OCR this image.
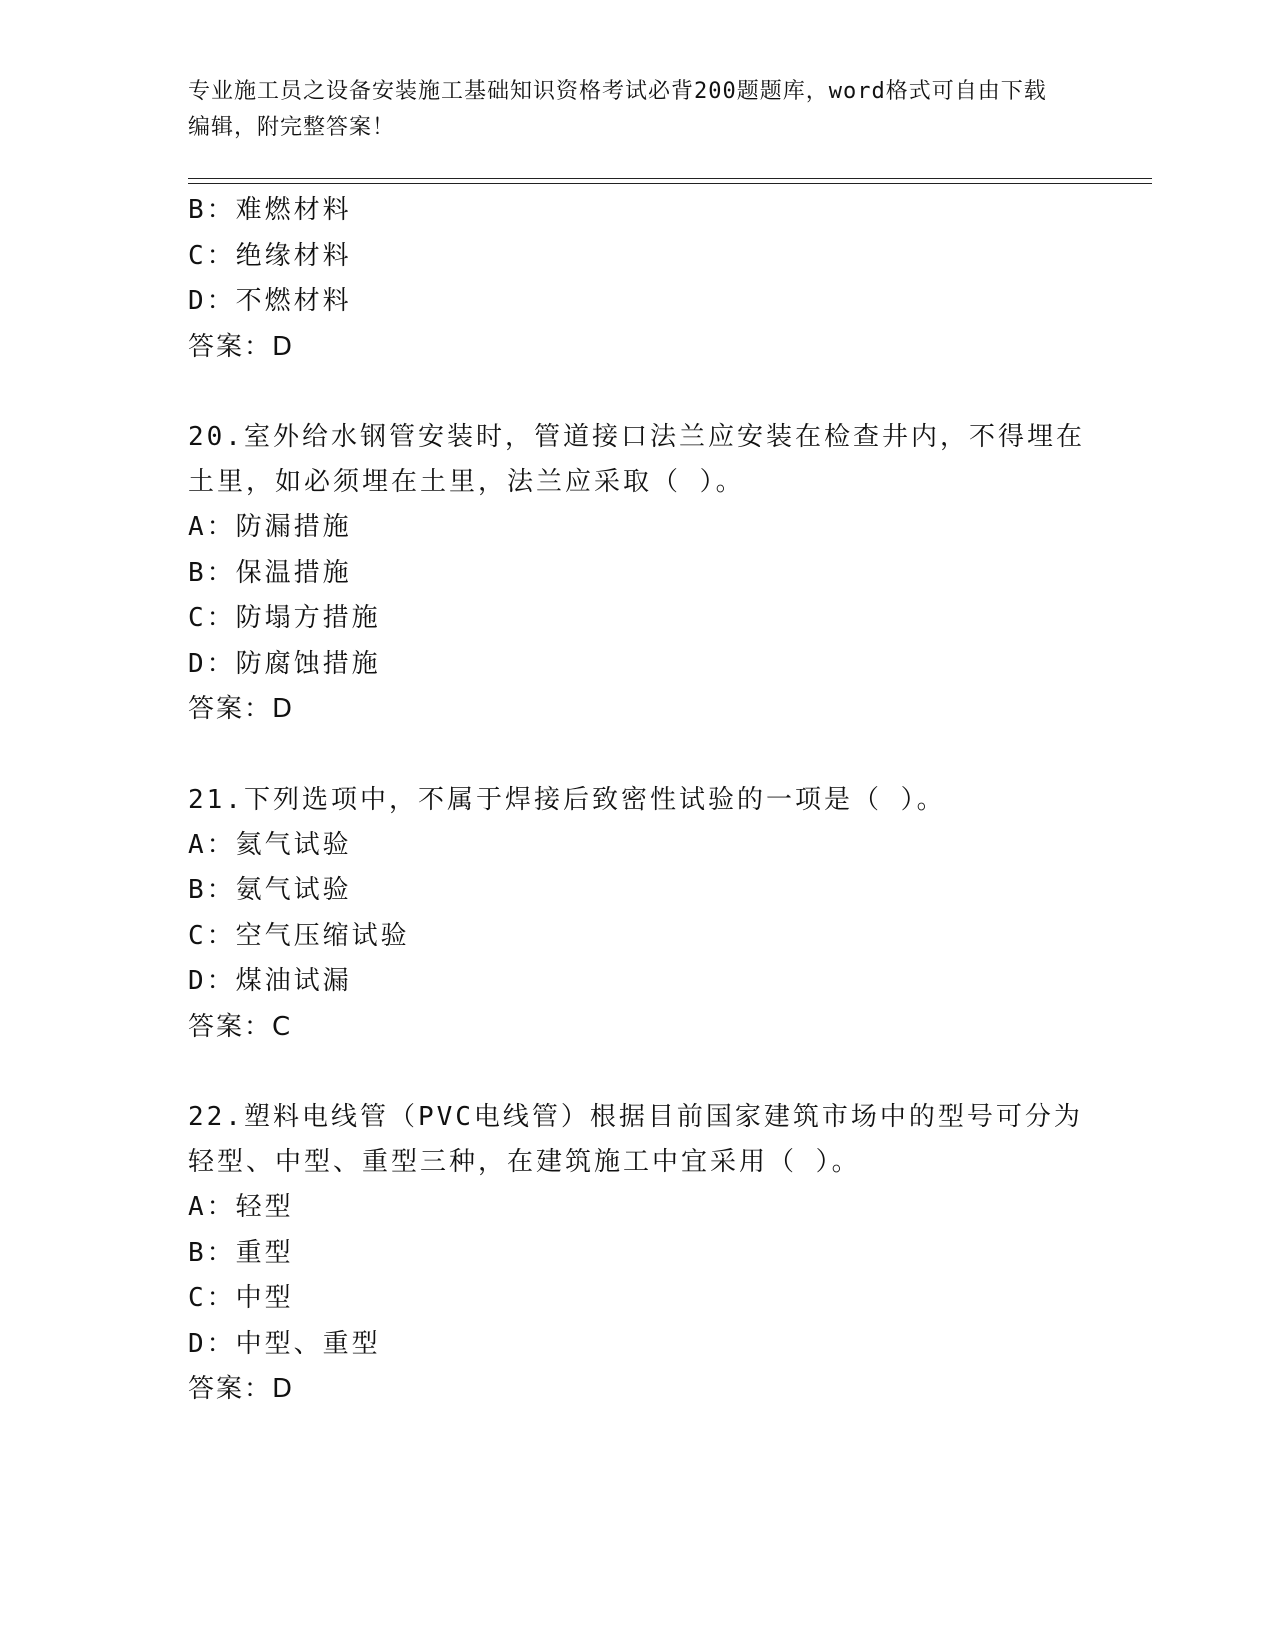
专业施工员之设备安装施工基础知识资格考试必背200题题库，word格式可自由下载编辑，附完整答案！
B：难燃材料
C：绝缘材料
D：不燃材料
答案：D
20.室外给水钢管安装时，管道接口法兰应安装在检查井内，不得埋在土里，如必须埋在土里，法兰应采取（ ）。
A：防漏措施
B：保温措施
C：防塌方措施
D：防腐蚀措施
答案：D
21.下列选项中，不属于焊接后致密性试验的一项是（ ）。
A：氦气试验
B：氨气试验
C：空气压缩试验
D：煤油试漏
答案：C
22.塑料电线管（PVC电线管）根据目前国家建筑市场中的型号可分为轻型、中型、重型三种，在建筑施工中宜采用（ ）。
A：轻型
B：重型
C：中型
D：中型、重型
答案：D
